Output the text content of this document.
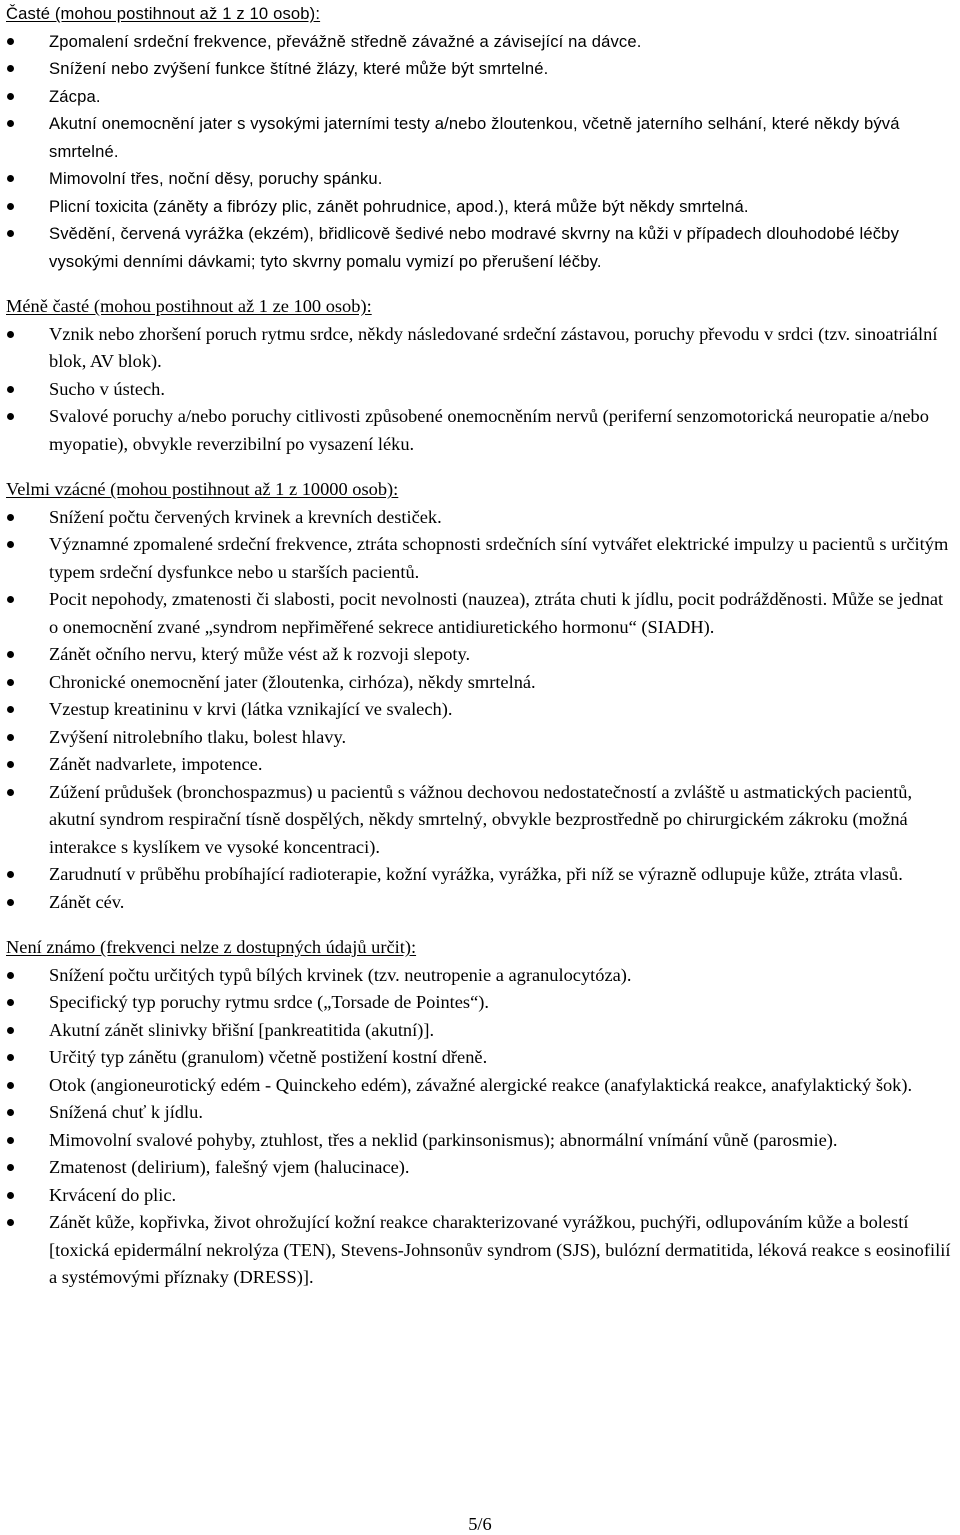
Časté (mohou postihnout až 1 z 10 osob):

Zpomalení srdeční frekvence, převážně středně závažné a závisející na dávce.
Snížení nebo zvýšení funkce štítné žlázy, které může být smrtelné.
Zácpa.
Akutní onemocnění jater s vysokými jaterními testy a/nebo žloutenkou, včetně jaterního selhání, které někdy bývá smrtelné.
Mimovolní třes, noční děsy, poruchy spánku.
Plicní toxicita (záněty a fibrózy plic, zánět pohrudnice, apod.), která může být někdy smrtelná.
Svědění, červená vyrážka (ekzém), břidlicově šedivé nebo modravé skvrny na kůži v případech dlouhodobé léčby vysokými denními dávkami; tyto skvrny pomalu vymizí po přerušení léčby.

Méně časté (mohou postihnout až 1 ze 100 osob):

Vznik nebo zhoršení poruch rytmu srdce, někdy následované srdeční zástavou, poruchy převodu v srdci (tzv. sinoatriální blok, AV blok).
Sucho v ústech.
Svalové poruchy a/nebo poruchy citlivosti způsobené onemocněním nervů (periferní senzomotorická neuropatie a/nebo myopatie), obvykle reverzibilní po vysazení léku.

Velmi vzácné (mohou postihnout až 1 z 10000 osob):

Snížení počtu červených krvinek a krevních destiček.
Významné zpomalené srdeční frekvence, ztráta schopnosti srdečních síní vytvářet elektrické impulzy u pacientů s určitým typem srdeční dysfunkce nebo u starších pacientů.
Pocit nepohody, zmatenosti či slabosti, pocit nevolnosti (nauzea), ztráta chuti k jídlu, pocit podrážděnosti. Může se jednat o onemocnění zvané „syndrom nepřiměřené sekrece antidiuretického hormonu“ (SIADH).
Zánět očního nervu, který může vést až k rozvoji slepoty.
Chronické onemocnění jater (žloutenka, cirhóza), někdy smrtelná.
Vzestup kreatininu v krvi (látka vznikající ve svalech).
Zvýšení nitrolebního tlaku, bolest hlavy.
Zánět nadvarlete, impotence.
Zúžení průdušek (bronchospazmus) u pacientů s vážnou dechovou nedostatečností a zvláště u astmatických pacientů, akutní syndrom respirační tísně dospělých, někdy smrtelný, obvykle bezprostředně po chirurgickém zákroku (možná interakce s kyslíkem ve vysoké koncentraci).
Zarudnutí v průběhu probíhající radioterapie, kožní vyrážka, vyrážka, při níž se výrazně odlupuje kůže, ztráta vlasů.
Zánět cév.

Není známo (frekvenci nelze z dostupných údajů určit):

Snížení počtu určitých typů bílých krvinek (tzv. neutropenie a agranulocytóza).
Specifický typ poruchy rytmu srdce („Torsade de Pointes“).
Akutní zánět slinivky břišní [pankreatitida (akutní)].
Určitý typ zánětu (granulom) včetně postižení kostní dřeně.
Otok (angioneurotický edém - Quinckeho edém), závažné alergické reakce (anafylaktická reakce, anafylaktický šok).
Snížená chuť k jídlu.
Mimovolní svalové pohyby, ztuhlost, třes a neklid (parkinsonismus); abnormální vnímání vůně (parosmie).
Zmatenost (delirium), falešný vjem (halucinace).
Krvácení do plic.
Zánět kůže, kopřivka, život ohrožující kožní reakce charakterizované vyrážkou, puchýři, odlupováním kůže a bolestí [toxická epidermální nekrolýza (TEN), Stevens-Johnsonův syndrom (SJS), bulózní dermatitida, léková reakce s eosinofilií a systémovými příznaky (DRESS)].
5/6
